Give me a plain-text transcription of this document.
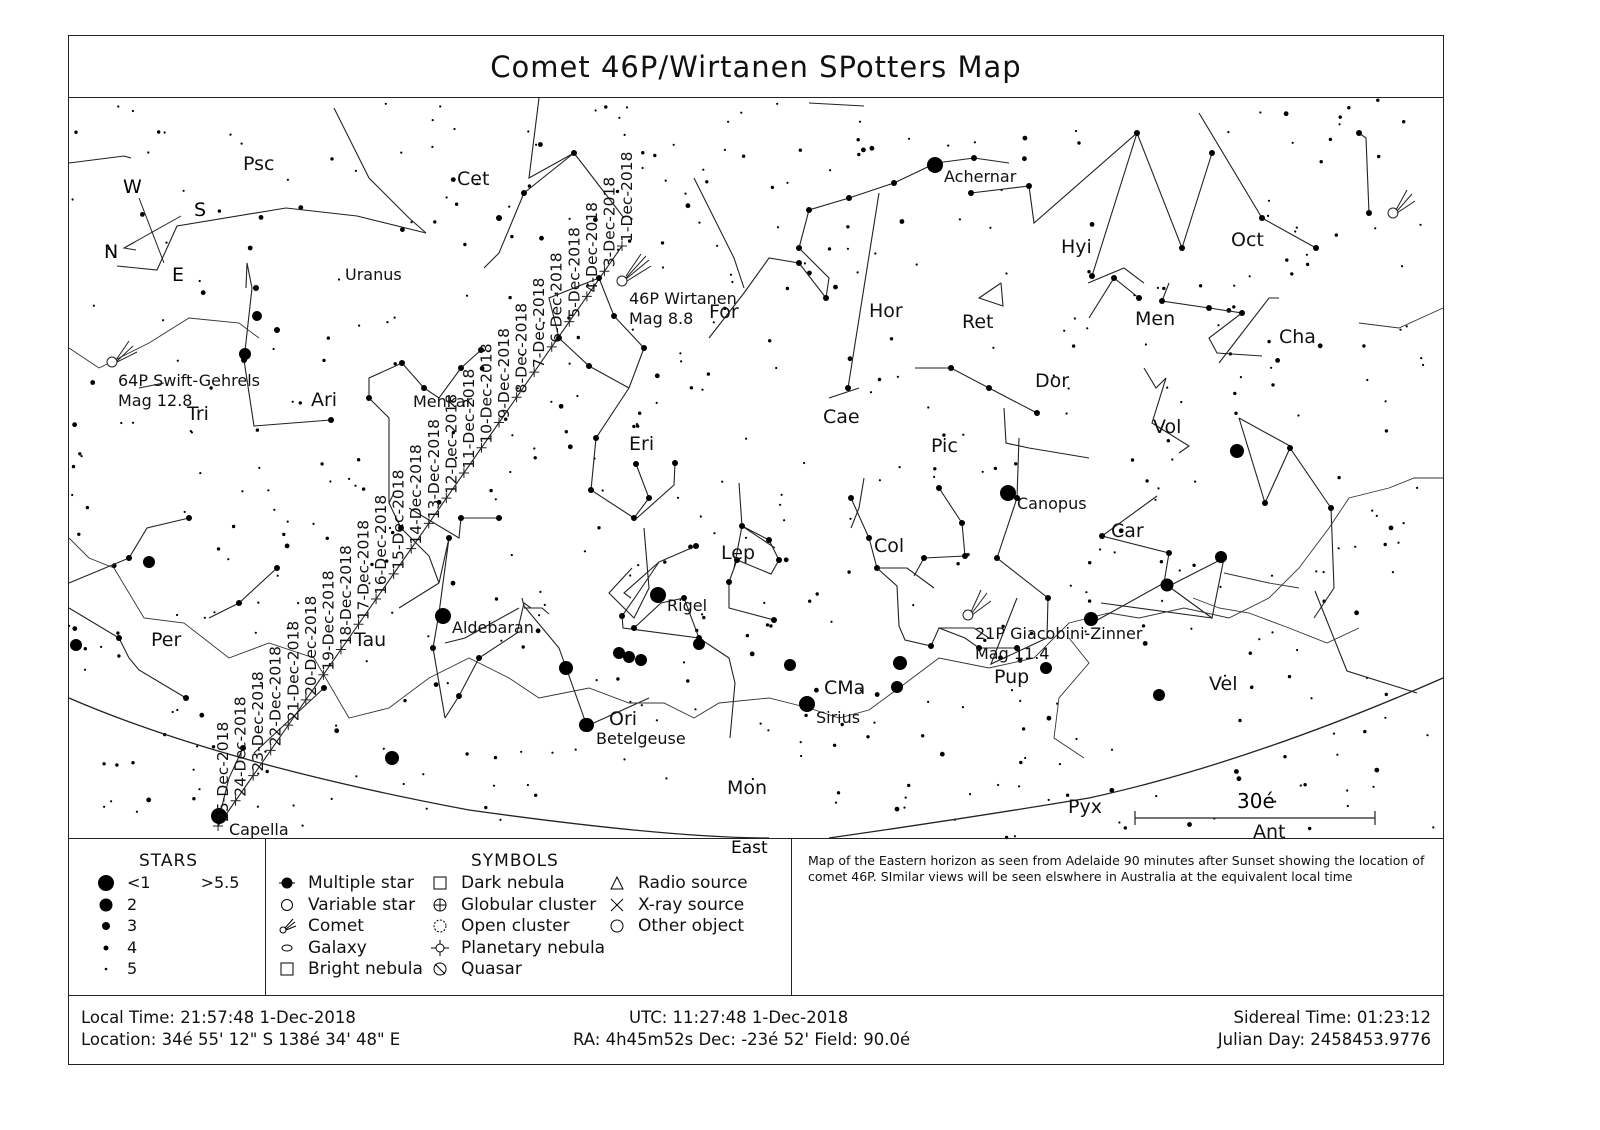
Comet 46P/Wirtanen SPotters Map
W
S
N
E
30é
Psc
Cet
Ari
Tri
Per	Tau
Eri
For	Hor	Ret
Hyi	Oct
Men
Cha
Dor
Cae
Pic
Vol
Lep	Col
Car
Ori
CMa	Pup	Vel
Mon
Pyx
Ant
Achernar
Canopus
Aldebaran
Rigel
Betelgeuse
Sirius
Capella
Menkar
Uranus
46P Wirtanen
Mag 8.8
64P Swift-Gehrels
Mag 12.8
21P Giacobini-Zinner
Mag 11.4
East
1-Dec-2018
3-Dec-2018
4-Dec-2018
5-Dec-2018
6-Dec-2018
7-Dec-2018
8-Dec-2018
9-Dec-2018
10-Dec-2018
11-Dec-2018
12-Dec-2018
13-Dec-2018
14-Dec-2018
15-Dec-2018
16-Dec-2018
17-Dec-2018
18-Dec-2018
19-Dec-2018
20-Dec-2018
21-Dec-2018
22-Dec-2018
23-Dec-2018
24-Dec-2018
25-Dec-2018
STARS
<1	>5.5
2
3
4
5
SYMBOLS
Multiple star
Variable star
Comet
Galaxy
Bright nebula
Dark nebula
Globular cluster
Open cluster
Planetary nebula
Quasar
Radio source
X-ray source
Other object
Map of the Eastern horizon as seen from Adelaide 90 minutes after Sunset showing the location of comet 46P. SImilar views will be seen elswhere in Australia at the equivalent local time
Local Time: 21:57:48 1-Dec-2018
Location: 34é 55' 12" S 138é 34' 48" E
UTC: 11:27:48 1-Dec-2018
RA: 4h45m52s Dec: -23é 52' Field: 90.0é
Sidereal Time: 01:23:12
Julian Day: 2458453.9776
